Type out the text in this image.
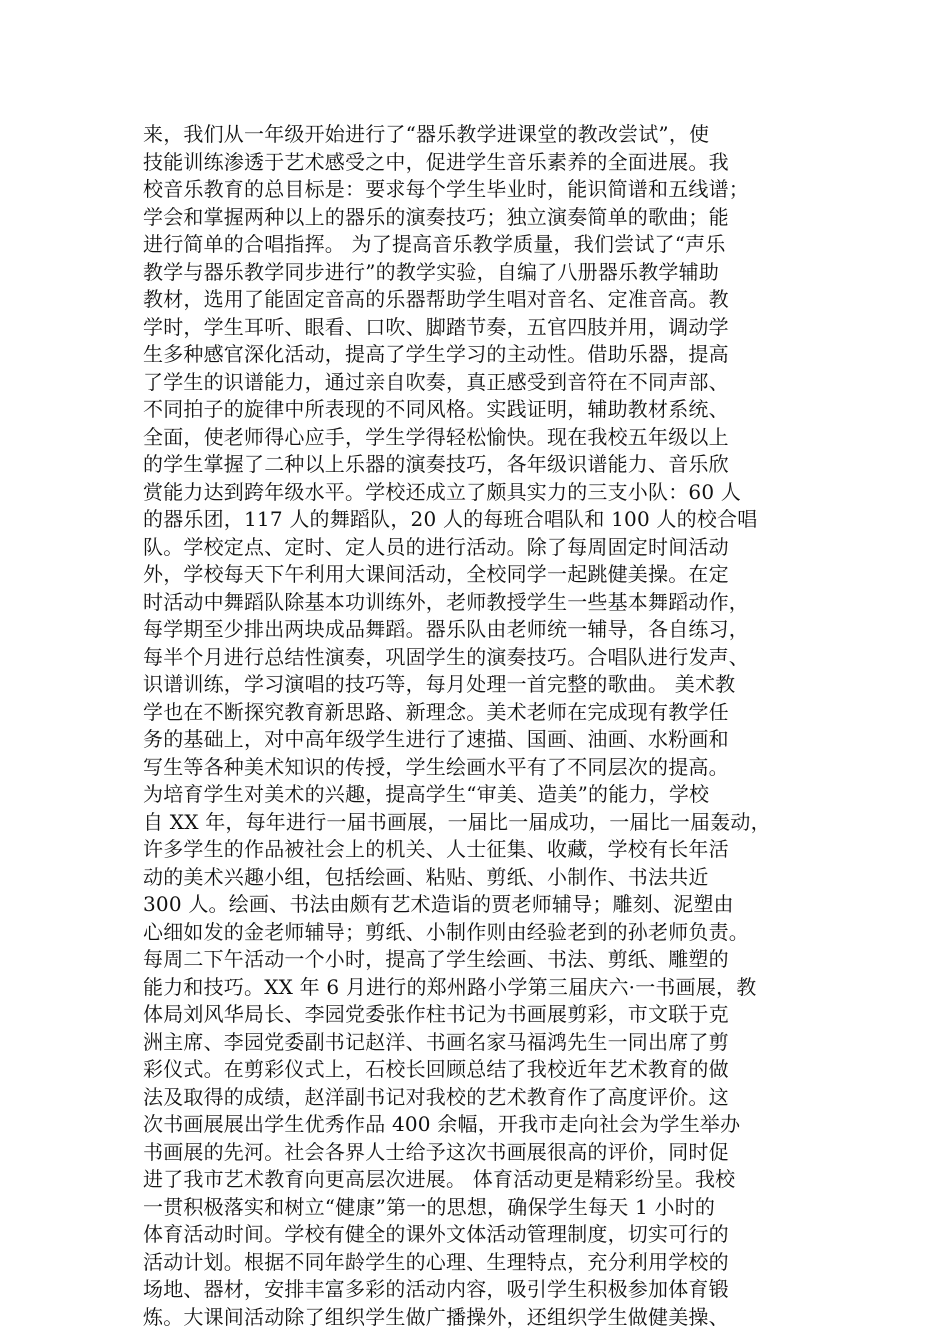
来，我们从一年级开始进行了“器乐教学进课堂的教改尝试”，使
技能训练渗透于艺术感受之中，促进学生音乐素养的全面进展。我
校音乐教育的总目标是：要求每个学生毕业时，能识简谱和五线谱；
学会和掌握两种以上的器乐的演奏技巧；独立演奏简单的歌曲；能
进行简单的合唱指挥。 为了提高音乐教学质量，我们尝试了“声乐
教学与器乐教学同步进行”的教学实验，自编了八册器乐教学辅助
教材，选用了能固定音高的乐器帮助学生唱对音名、定准音高。教
学时，学生耳听、眼看、口吹、脚踏节奏，五官四肢并用，调动学
生多种感官深化活动，提高了学生学习的主动性。借助乐器，提高
了学生的识谱能力，通过亲自吹奏，真正感受到音符在不同声部、
不同拍子的旋律中所表现的不同风格。实践证明，辅助教材系统、
全面，使老师得心应手，学生学得轻松愉快。现在我校五年级以上
的学生掌握了二种以上乐器的演奏技巧，各年级识谱能力、音乐欣
赏能力达到跨年级水平。学校还成立了颇具实力的三支小队：60 人
的器乐团，117 人的舞蹈队，20 人的每班合唱队和 100 人的校合唱
队。学校定点、定时、定人员的进行活动。除了每周固定时间活动
外，学校每天下午利用大课间活动，全校同学一起跳健美操。在定
时活动中舞蹈队除基本功训练外，老师教授学生一些基本舞蹈动作，
每学期至少排出两块成品舞蹈。器乐队由老师统一辅导，各自练习，
每半个月进行总结性演奏，巩固学生的演奏技巧。合唱队进行发声、
识谱训练，学习演唱的技巧等，每月处理一首完整的歌曲。 美术教
学也在不断探究教育新思路、新理念。美术老师在完成现有教学任
务的基础上，对中高年级学生进行了速描、国画、油画、水粉画和
写生等各种美术知识的传授，学生绘画水平有了不同层次的提高。
为培育学生对美术的兴趣，提高学生“审美、造美”的能力，学校
自 XX 年，每年进行一届书画展，一届比一届成功，一届比一届轰动，
许多学生的作品被社会上的机关、人士征集、收藏，学校有长年活
动的美术兴趣小组，包括绘画、粘贴、剪纸、小制作、书法共近
300 人。绘画、书法由颇有艺术造诣的贾老师辅导；雕刻、泥塑由
心细如发的金老师辅导；剪纸、小制作则由经验老到的孙老师负责。
每周二下午活动一个小时，提高了学生绘画、书法、剪纸、雕塑的
能力和技巧。XX 年 6 月进行的郑州路小学第三届庆六·一书画展，教
体局刘风华局长、李园党委张作柱书记为书画展剪彩，市文联于克
洲主席、李园党委副书记赵洋、书画名家马福鸿先生一同出席了剪
彩仪式。在剪彩仪式上，石校长回顾总结了我校近年艺术教育的做
法及取得的成绩，赵洋副书记对我校的艺术教育作了高度评价。这
次书画展展出学生优秀作品 400 余幅，开我市走向社会为学生举办
书画展的先河。社会各界人士给予这次书画展很高的评价，同时促
进了我市艺术教育向更高层次进展。 体育活动更是精彩纷呈。我校
一贯积极落实和树立“健康”第一的思想，确保学生每天 1 小时的
体育活动时间。学校有健全的课外文体活动管理制度，切实可行的
活动计划。根据不同年龄学生的心理、生理特点，充分利用学校的
场地、器材，安排丰富多彩的活动内容，吸引学生积极参加体育锻
炼。大课间活动除了组织学生做广播操外，还组织学生做健美操、
